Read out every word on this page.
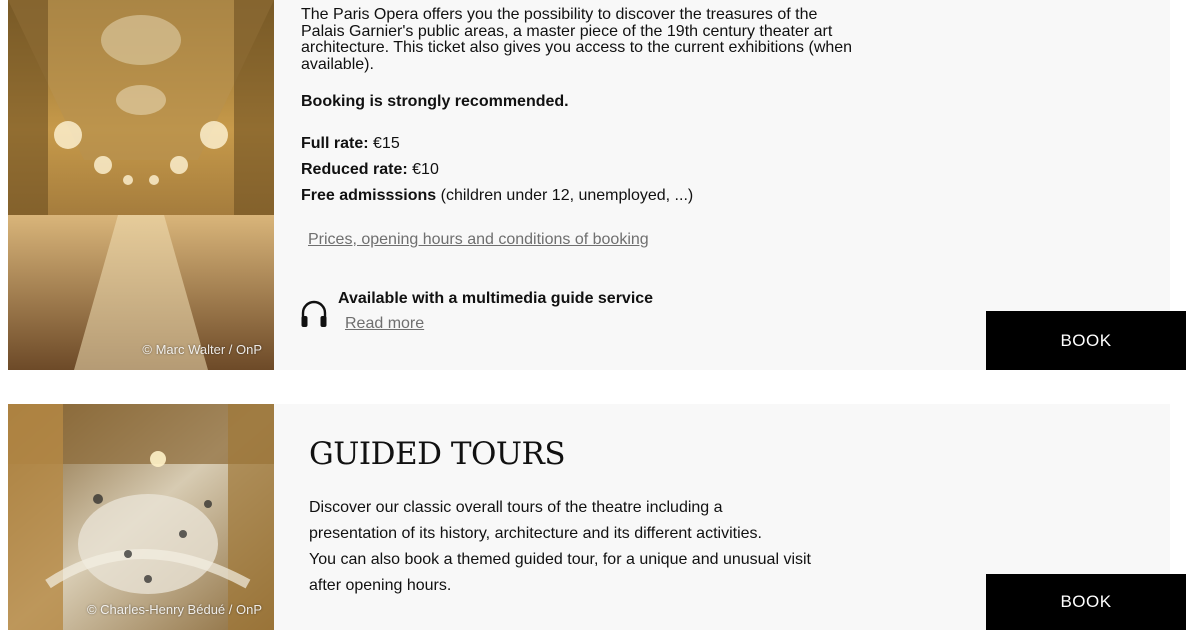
© Marc Walter / OnP

The Paris Opera offers you the possibility to discover the treasures of the Palais Garnier's public areas, a master piece of the 19th century theater art architecture. This ticket also gives you access to the current exhibitions (when available).

Booking is strongly recommended.

Full rate: €15

Reduced rate: €10

Free admisssions (children under 12, unemployed, ...)

Prices, opening hours and conditions of booking

Available with a multimedia guide service

Read more
BOOK
© Charles-Henry Bédué / OnP
GUIDED TOURS

Discover our classic overall tours of the theatre including a
presentation of its history, architecture and its different activities.
You can also book a themed guided tour, for a unique and unusual visit
after opening hours.

BOOK
